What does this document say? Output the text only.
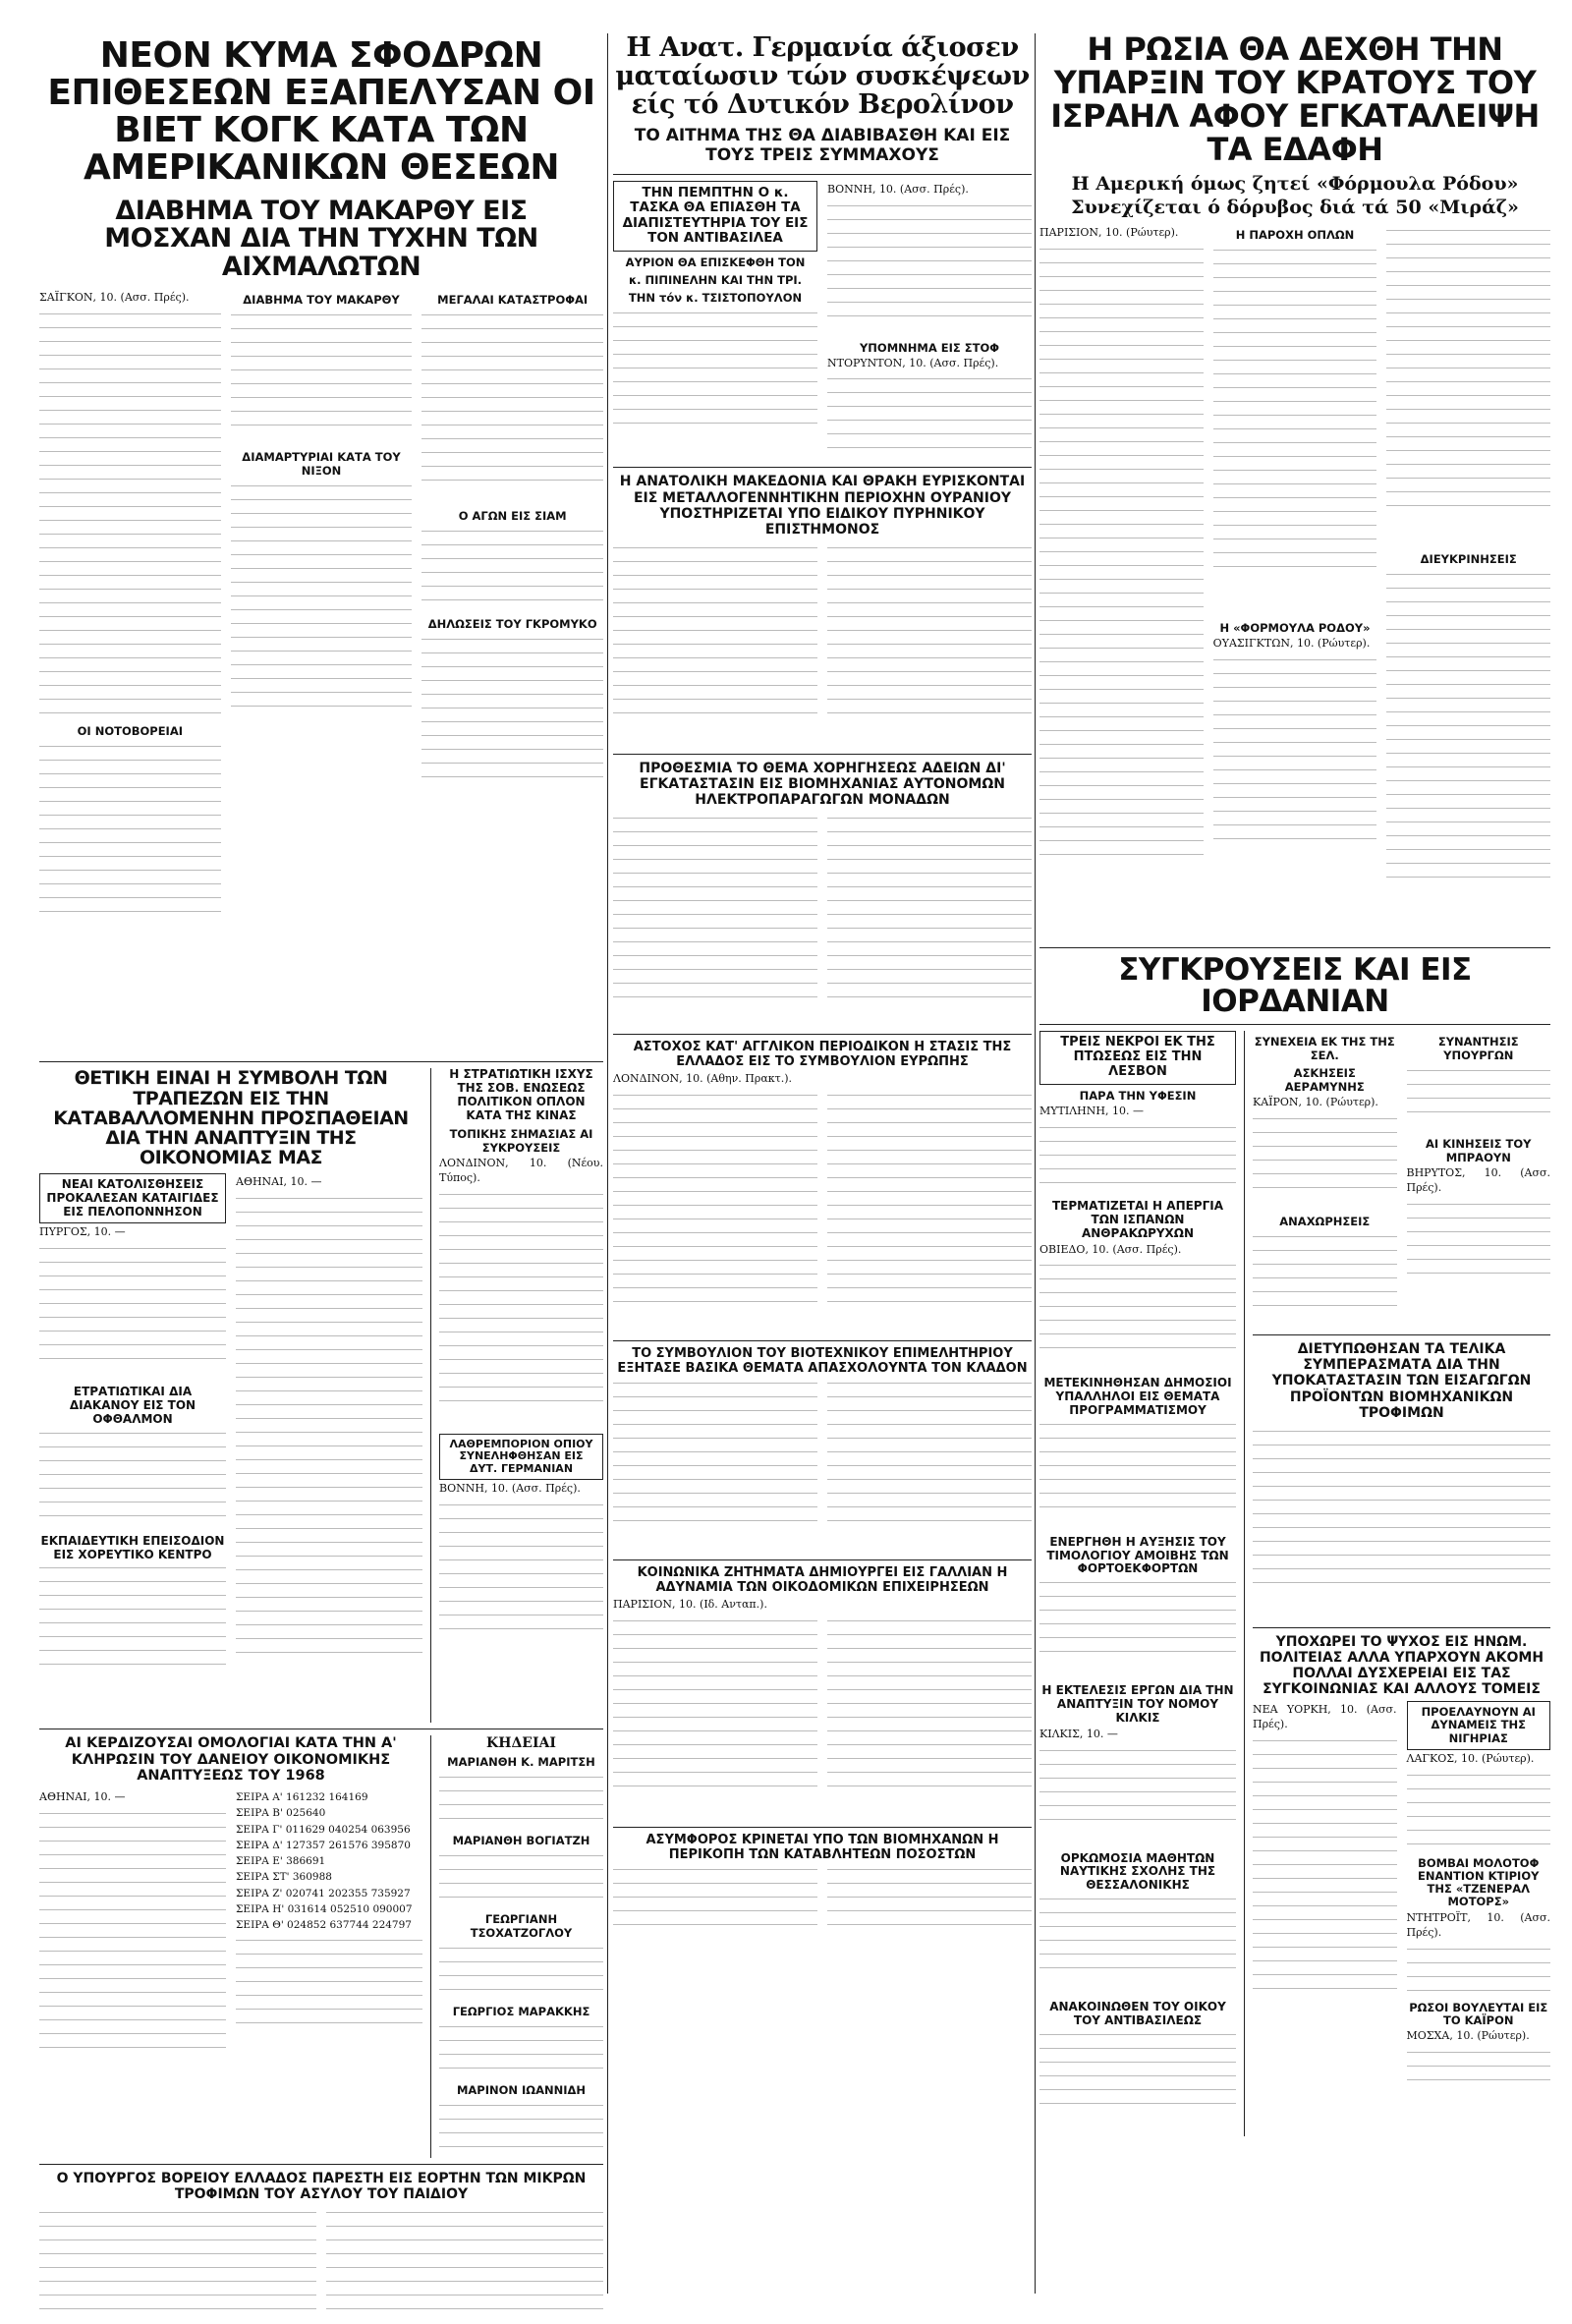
ΝΕΟΝ ΚΥΜΑ ΣΦΟΔΡΩΝ ΕΠΙΘΕΣΕΩΝ ΕΞΑΠΕΛΥΣΑΝ ΟΙ ΒΙΕΤ ΚΟΓΚ ΚΑΤΑ ΤΩΝ ΑΜΕΡΙΚΑΝΙΚΩΝ ΘΕΣΕΩΝ
ΔΙΑΒΗΜΑ ΤΟΥ ΜΑΚΑΡΘΥ ΕΙΣ ΜΟΣΧΑΝ ΔΙΑ ΤΗΝ ΤΥΧΗΝ ΤΩΝ ΑΙΧΜΑΛΩΤΩΝ
ΣΑΪΓΚΟΝ, 10. (Ασσ. Πρές).
ΟΙ ΝΟΤΟΒΟΡΕΙΑΙ
ΔΙΑΒΗΜΑ ΤΟΥ ΜΑΚΑΡΘΥ
ΔΙΑΜΑΡΤΥΡΙΑΙ ΚΑΤΑ ΤΟΥ ΝΙΞΟΝ
ΜΕΓΑΛΑΙ ΚΑΤΑΣΤΡΟΦΑΙ
Ο ΑΓΩΝ ΕΙΣ ΣΙΑΜ
ΔΗΛΩΣΕΙΣ ΤΟΥ ΓΚΡΟΜΥΚΟ
ΘΕΤΙΚΗ ΕΙΝΑΙ Η ΣΥΜΒΟΛΗ ΤΩΝ ΤΡΑΠΕΖΩΝ ΕΙΣ ΤΗΝ ΚΑΤΑΒΑΛΛΟΜΕΝΗΝ ΠΡΟΣΠΑΘΕΙΑΝ ΔΙΑ ΤΗΝ ΑΝΑΠΤΥΞΙΝ ΤΗΣ ΟΙΚΟΝΟΜΙΑΣ ΜΑΣ
ΝΕΑΙ ΚΑΤΟΛΙΣΘΗΣΕΙΣ ΠΡΟΚΑΛΕΣΑΝ ΚΑΤΑΙΓΙΔΕΣ ΕΙΣ ΠΕΛΟΠΟΝΝΗΣΟΝ
ΠΥΡΓΟΣ, 10. —
ΕΤΡΑΤΙΩΤΙΚΑΙ ΔΙΑ ΔΙΑΚΑΝΟΥ ΕΙΣ ΤΟΝ ΟΦΘΑΛΜΟΝ
ΕΚΠΑΙΔΕΥΤΙΚΗ ΕΠΕΙΣΟΔΙΟΝ ΕΙΣ ΧΟΡΕΥΤΙΚΟ ΚΕΝΤΡΟ
ΑΘΗΝΑΙ, 10. —
Η ΣΤΡΑΤΙΩΤΙΚΗ ΙΣΧΥΣ ΤΗΣ ΣΟΒ. ΕΝΩΣΕΩΣ ΠΟΛΙΤΙΚΟΝ ΟΠΛΟΝ ΚΑΤΑ ΤΗΣ ΚΙΝΑΣ
ΤΟΠΙΚΗΣ ΣΗΜΑΣΙΑΣ ΑΙ ΣΥΚΡΟΥΣΕΙΣ
ΛΟΝΔΙΝΟΝ, 10. (Νέου. Τύπος).
ΛΑΘΡΕΜΠΟΡΙΟΝ ΟΠΙΟΥ ΣΥΝΕΛΗΦΘΗΣΑΝ ΕΙΣ ΔΥΤ. ΓΕΡΜΑΝΙΑΝ
ΒΟΝΝΗ, 10. (Ασσ. Πρές).
ΑΙ ΚΕΡΔΙΖΟΥΣΑΙ ΟΜΟΛΟΓΙΑΙ ΚΑΤΑ ΤΗΝ Α' ΚΛΗΡΩΣΙΝ ΤΟΥ ΔΑΝΕΙΟΥ ΟΙΚΟΝΟΜΙΚΗΣ ΑΝΑΠΤΥΞΕΩΣ ΤΟΥ 1968
ΑΘΗΝΑΙ, 10. —	ΣΕΙΡΑ Α' 161232 164169
ΣΕΙΡΑ Β' 025640
ΣΕΙΡΑ Γ' 011629 040254 063956
ΣΕΙΡΑ Δ' 127357 261576 395870
ΣΕΙΡΑ Ε' 386691
ΣΕΙΡΑ ΣΤ' 360988
ΣΕΙΡΑ Ζ' 020741 202355 735927
ΣΕΙΡΑ Η' 031614 052510 090007
ΣΕΙΡΑ Θ' 024852 637744 224797
ΚΗΔΕΙΑΙ
ΜΑΡΙΑΝΘΗ Κ. ΜΑΡΙΤΣΗ
ΜΑΡΙΑΝΘΗ ΒΟΓΙΑΤΖΗ
ΓΕΩΡΓΙΑΝΗ ΤΣΟΧΑΤΖΟΓΛΟΥ
ΓΕΩΡΓΙΟΣ ΜΑΡΑΚΚΗΣ
ΜΑΡΙΝΟΝ ΙΩΑΝΝΙΔΗ
Ο ΥΠΟΥΡΓΟΣ ΒΟΡΕΙΟΥ ΕΛΛΑΔΟΣ ΠΑΡΕΣΤΗ ΕΙΣ ΕΟΡΤΗΝ ΤΩΝ ΜΙΚΡΩΝ ΤΡΟΦΙΜΩΝ ΤΟΥ ΑΣΥΛΟΥ ΤΟΥ ΠΑΙΔΙΟΥ
Η Ανατ. Γερμανία άξιοσεν ματαίωσιν τών συσκέψεων είς τό Δυτικόν Βερολίνον
ΤΟ ΑΙΤΗΜΑ ΤΗΣ ΘΑ ΔΙΑΒΙΒΑΣΘΗ ΚΑΙ ΕΙΣ ΤΟΥΣ ΤΡΕΙΣ ΣΥΜΜΑΧΟΥΣ
ΤΗΝ ΠΕΜΠΤΗΝ Ο κ. ΤΑΣΚΑ ΘΑ ΕΠΙΑΣΘΗ ΤΑ ΔΙΑΠΙΣΤΕΥΤΗΡΙΑ ΤΟΥ ΕΙΣ ΤΟΝ ΑΝΤΙΒΑΣΙΛΕΑ
ΑΥΡΙΟΝ ΘΑ ΕΠΙΣΚΕΦΘΗ ΤΟΝ
κ. ΠΙΠΙΝΕΛΗΝ ΚΑΙ ΤΗΝ ΤΡΙ.
ΤΗΝ τόν κ. ΤΣΙΣΤΟΠΟΥΛΟΝ
ΒΟΝΝΗ, 10. (Ασσ. Πρές).
ΥΠΟΜΝΗΜΑ ΕΙΣ ΣΤΟΦ
ΝΤΟΡΥΝΤΟΝ, 10. (Ασσ. Πρές).
Η ΑΝΑΤΟΛΙΚΗ ΜΑΚΕΔΟΝΙΑ ΚΑΙ ΘΡΑΚΗ ΕΥΡΙΣΚΟΝΤΑΙ ΕΙΣ ΜΕΤΑΛΛΟΓΕΝΝΗΤΙΚΗΝ ΠΕΡΙΟΧΗΝ ΟΥΡΑΝΙΟΥ ΥΠΟΣΤΗΡΙΖΕΤΑΙ ΥΠΟ ΕΙΔΙΚΟΥ ΠΥΡΗΝΙΚΟΥ ΕΠΙΣΤΗΜΟΝΟΣ
ΠΡΟΘΕΣΜΙΑ ΤΟ ΘΕΜΑ ΧΟΡΗΓΗΣΕΩΣ ΑΔΕΙΩΝ ΔΙ' ΕΓΚΑΤΑΣΤΑΣΙΝ ΕΙΣ ΒΙΟΜΗΧΑΝΙΑΣ ΑΥΤΟΝΟΜΩΝ ΗΛΕΚΤΡΟΠΑΡΑΓΩΓΩΝ ΜΟΝΑΔΩΝ
ΑΣΤΟΧΟΣ ΚΑΤ' ΑΓΓΛΙΚΟΝ ΠΕΡΙΟΔΙΚΟΝ Η ΣΤΑΣΙΣ ΤΗΣ ΕΛΛΑΔΟΣ ΕΙΣ ΤΟ ΣΥΜΒΟΥΛΙΟΝ ΕΥΡΩΠΗΣ
ΛΟΝΔΙΝΟΝ, 10. (Αθην. Πρακτ.).
ΤΟ ΣΥΜΒΟΥΛΙΟΝ ΤΟΥ ΒΙΟΤΕΧΝΙΚΟΥ ΕΠΙΜΕΛΗΤΗΡΙΟΥ ΕΞΗΤΑΣΕ ΒΑΣΙΚΑ ΘΕΜΑΤΑ ΑΠΑΣΧΟΛΟΥΝΤΑ ΤΟΝ ΚΛΑΔΟΝ
ΚΟΙΝΩΝΙΚΑ ΖΗΤΗΜΑΤΑ ΔΗΜΙΟΥΡΓΕΙ ΕΙΣ ΓΑΛΛΙΑΝ Η ΑΔΥΝΑΜΙΑ ΤΩΝ ΟΙΚΟΔΟΜΙΚΩΝ ΕΠΙΧΕΙΡΗΣΕΩΝ
ΠΑΡΙΣΙΟΝ, 10. (Ιδ. Ανταπ.).
ΑΣΥΜΦΟΡΟΣ ΚΡΙΝΕΤΑΙ ΥΠΟ ΤΩΝ ΒΙΟΜΗΧΑΝΩΝ Η ΠΕΡΙΚΟΠΗ ΤΩΝ ΚΑΤΑΒΛΗΤΕΩΝ ΠΟΣΟΣΤΩΝ
Η ΡΩΣΙΑ ΘΑ ΔΕΧΘΗ ΤΗΝ ΥΠΑΡΞΙΝ ΤΟΥ ΚΡΑΤΟΥΣ ΤΟΥ ΙΣΡΑΗΛ ΑΦΟΥ ΕΓΚΑΤΑΛΕΙΨΗ ΤΑ ΕΔΑΦΗ
Η Αμερική όμως ζητεί «Φόρμουλα Ρόδου»
Συνεχίζεται ό δόρυβος διά τά 50 «Μιράζ»
ΠΑΡΙΣΙΟΝ, 10. (Ρώυτερ).	Η ΠΑΡΟΧΗ ΟΠΛΩΝ
Η «ΦΟΡΜΟΥΛΑ ΡΟΔΟΥ»
ΟΥΑΣΙΓΚΤΩΝ, 10. (Ρώυτερ).
ΔΙΕΥΚΡΙΝΗΣΕΙΣ
ΣΥΓΚΡΟΥΣΕΙΣ ΚΑΙ ΕΙΣ ΙΟΡΔΑΝΙΑΝ
ΤΡΕΙΣ ΝΕΚΡΟΙ ΕΚ ΤΗΣ ΠΤΩΣΕΩΣ ΕΙΣ ΤΗΝ ΛΕΣΒΟΝ
ΠΑΡΑ ΤΗΝ ΥΦΕΣΙΝ
ΜΥΤΙΛΗΝΗ, 10. —
ΤΕΡΜΑΤΙΖΕΤΑΙ Η ΑΠΕΡΓΙΑ ΤΩΝ ΙΣΠΑΝΩΝ ΑΝΘΡΑΚΩΡΥΧΩΝ
ΟΒΙΕΔΟ, 10. (Ασσ. Πρές).
ΜΕΤΕΚΙΝΗΘΗΣΑΝ ΔΗΜΟΣΙΟΙ ΥΠΑΛΛΗΛΟΙ ΕΙΣ ΘΕΜΑΤΑ ΠΡΟΓΡΑΜΜΑΤΙΣΜΟΥ
ΕΝΕΡΓΗΘΗ Η ΑΥΞΗΣΙΣ ΤΟΥ ΤΙΜΟΛΟΓΙΟΥ ΑΜΟΙΒΗΣ ΤΩΝ ΦΟΡΤΟΕΚΦΟΡΤΩΝ
Η ΕΚΤΕΛΕΣΙΣ ΕΡΓΩΝ ΔΙΑ ΤΗΝ ΑΝΑΠΤΥΞΙΝ ΤΟΥ ΝΟΜΟΥ ΚΙΛΚΙΣ
ΚΙΛΚΙΣ, 10. —
ΟΡΚΩΜΟΣΙΑ ΜΑΘΗΤΩΝ ΝΑΥΤΙΚΗΣ ΣΧΟΛΗΣ ΤΗΣ ΘΕΣΣΑΛΟΝΙΚΗΣ
ΑΝΑΚΟΙΝΩΘΕΝ ΤΟΥ ΟΙΚΟΥ ΤΟΥ ΑΝΤΙΒΑΣΙΛΕΩΣ
ΣΥΝΕΧΕΙΑ ΕΚ ΤΗΣ ΤΗΣ ΣΕΛ.
ΑΣΚΗΣΕΙΣ ΑΕΡΑΜΥΝΗΣ
ΚΑΪΡΟΝ, 10. (Ρώυτερ).
ΑΝΑΧΩΡΗΣΕΙΣ
ΣΥΝΑΝΤΗΣΙΣ ΥΠΟΥΡΓΩΝ
ΑΙ ΚΙΝΗΣΕΙΣ ΤΟΥ ΜΠΡΑΟΥΝ
ΒΗΡΥΤΟΣ, 10. (Ασσ. Πρές).
ΔΙΕΤΥΠΩΘΗΣΑΝ ΤΑ ΤΕΛΙΚΑ ΣΥΜΠΕΡΑΣΜΑΤΑ ΔΙΑ ΤΗΝ ΥΠΟΚΑΤΑΣΤΑΣΙΝ ΤΩΝ ΕΙΣΑΓΩΓΩΝ ΠΡΟΪΟΝΤΩΝ ΒΙΟΜΗΧΑΝΙΚΩΝ ΤΡΟΦΙΜΩΝ
ΥΠΟΧΩΡΕΙ ΤΟ ΨΥΧΟΣ ΕΙΣ ΗΝΩΜ. ΠΟΛΙΤΕΙΑΣ ΑΛΛΑ ΥΠΑΡΧΟΥΝ ΑΚΟΜΗ ΠΟΛΛΑΙ ΔΥΣΧΕΡΕΙΑΙ ΕΙΣ ΤΑΣ ΣΥΓΚΟΙΝΩΝΙΑΣ ΚΑΙ ΑΛΛΟΥΣ ΤΟΜΕΙΣ
ΝΕΑ ΥΟΡΚΗ, 10. (Ασσ. Πρές).
ΠΡΟΕΛΑΥΝΟΥΝ ΑΙ ΔΥΝΑΜΕΙΣ ΤΗΣ ΝΙΓΗΡΙΑΣ
ΛΑΓΚΟΣ, 10. (Ρώυτερ).
ΒΟΜΒΑΙ ΜΟΛΟΤΟΦ ΕΝΑΝΤΙΟΝ ΚΤΙΡΙΟΥ ΤΗΣ «ΤΖΕΝΕΡΑΛ ΜΟΤΟΡΣ»
ΝΤΗΤΡΟΪΤ, 10. (Ασσ. Πρές).
ΡΩΣΟΙ ΒΟΥΛΕΥΤΑΙ ΕΙΣ ΤΟ ΚΑΪΡΟΝ
ΜΟΣΧΑ, 10. (Ρώυτερ).
